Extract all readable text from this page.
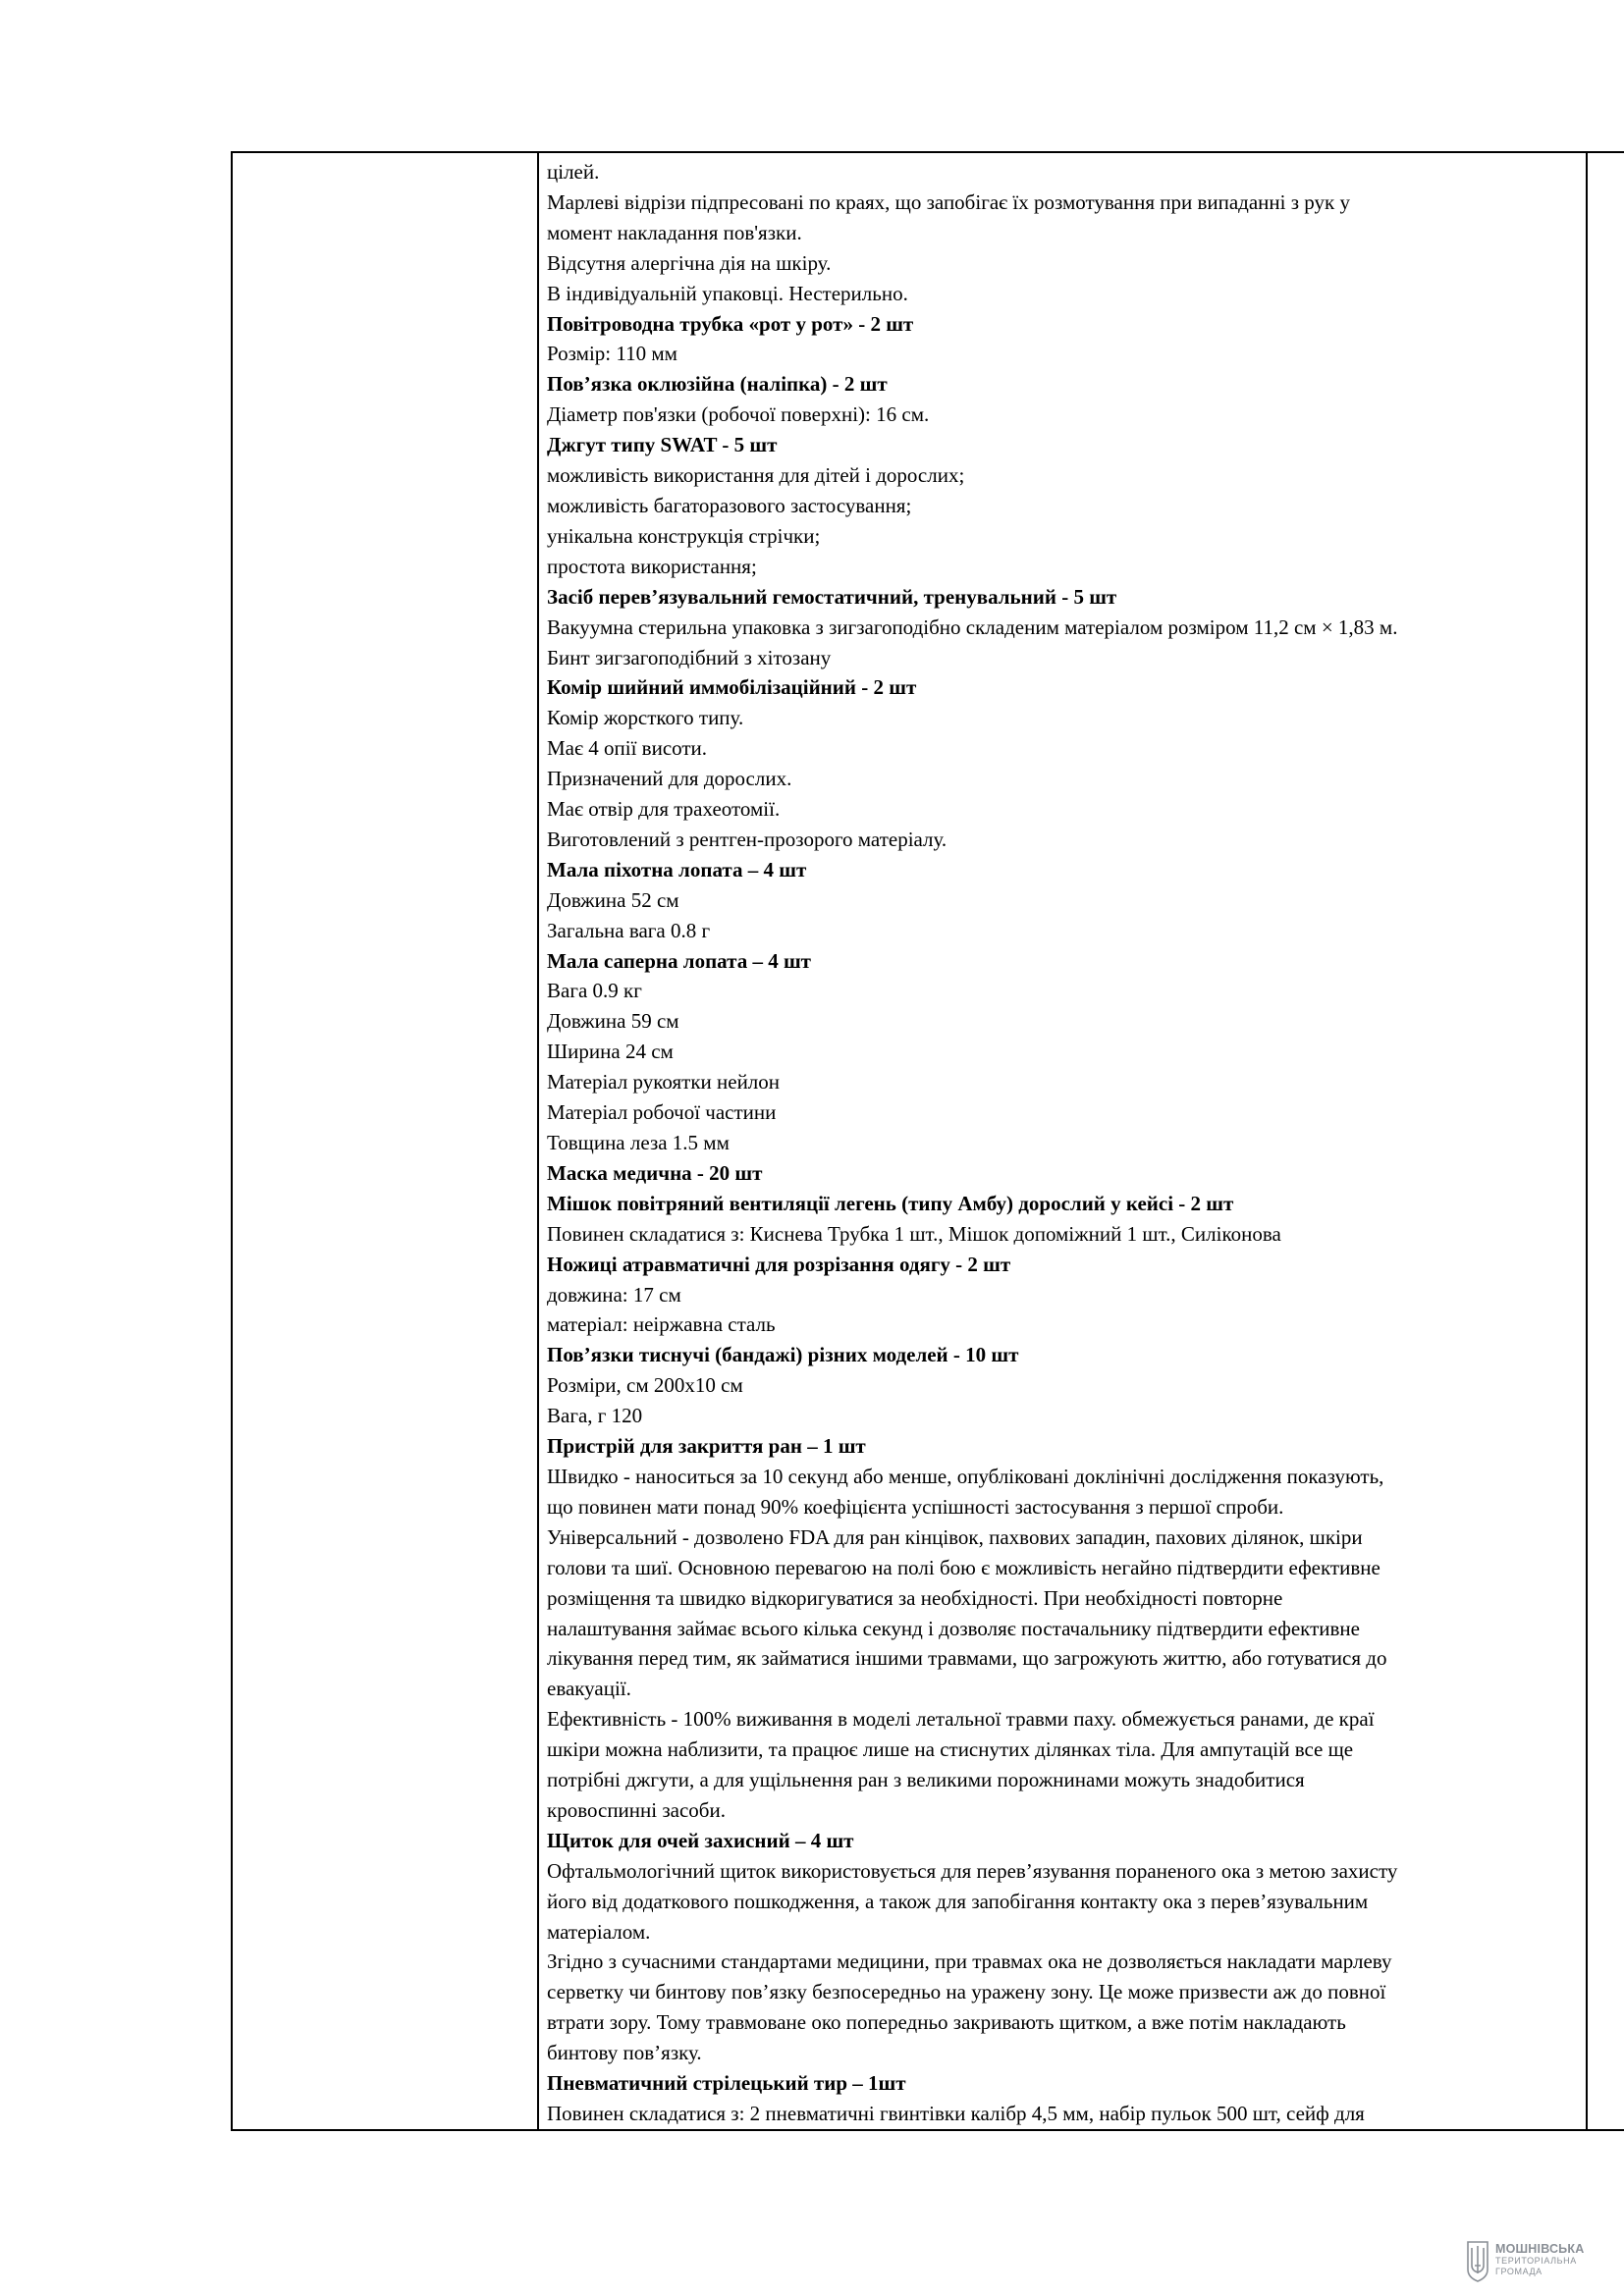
цілей.
Марлеві відрізи підпресовані по краях, що запобігає їх розмотування при випаданні з рук у
момент накладання пов'язки.
Відсутня алергічна дія на шкіру.
В індивідуальній упаковці. Нестерильно.
Повітроводна трубка «рот у рот» - 2 шт
Розмір: 110 мм
Пов’язка оклюзійна (наліпка) - 2 шт
Діаметр пов'язки (робочої поверхні): 16 см.
Джгут типу SWAT - 5 шт
можливість використання для дітей і дорослих;
можливість багаторазового застосування;
унікальна конструкція стрічки;
простота використання;
Засіб перев’язувальний гемостатичний, тренувальний - 5 шт
Вакуумна стерильна упаковка з зигзагоподібно складеним матеріалом розміром 11,2 см × 1,83 м.
Бинт зигзагоподібний з хітозану
Комір шийний иммобілізаційний - 2 шт
Комір жорсткого типу.
Має 4 опії висоти.
Призначений для дорослих.
Має отвір для трахеотомії.
Виготовлений з рентген-прозорого матеріалу.
Мала піхотна лопата – 4 шт
Довжина 52 см
Загальна вага 0.8 г
Мала саперна лопата – 4 шт
Вага 0.9 кг
Довжина 59 см
Ширина 24 см
Матеріал рукоятки нейлон
Матеріал робочої частини
Товщина леза 1.5 мм
Маска медична - 20 шт
Мішок повітряний вентиляції легень (типу Амбу) дорослий у кейсі - 2 шт
Повинен складатися з: Киснева Трубка 1 шт., Мішок допоміжний 1 шт., Силіконова
Ножиці атравматичні для розрізання одягу - 2 шт
довжина: 17 см
матеріал: неіржавна сталь
Пов’язки тиснучі (бандажі) різних моделей - 10 шт
Розміри, см 200х10 см
Вага, г 120
Пристрій для закриття ран – 1 шт
Швидко - наноситься за 10 секунд або менше, опубліковані доклінічні дослідження показують,
що повинен мати понад 90% коефіцієнта успішності застосування з першої спроби.
Універсальний - дозволено FDA для ран кінцівок, пахвових западин, пахових ділянок, шкіри
голови та шиї. Основною перевагою на полі бою є можливість негайно підтвердити ефективне
розміщення та швидко відкоригуватися за необхідності. При необхідності повторне
налаштування займає всього кілька секунд і дозволяє постачальнику підтвердити ефективне
лікування перед тим, як займатися іншими травмами, що загрожують життю, або готуватися до
евакуації.
Ефективність - 100% виживання в моделі летальної травми паху. обмежується ранами, де краї
шкіри можна наблизити, та працює лише на стиснутих ділянках тіла. Для ампутацій все ще
потрібні джгути, а для ущільнення ран з великими порожнинами можуть знадобитися
кровоспинні засоби.
Щиток для очей захисний – 4 шт
Офтальмологічний щиток використовується для перев’язування пораненого ока з метою захисту
його від додаткового пошкодження, а також для запобігання контакту ока з перев’язувальним
матеріалом.
Згідно з сучасними стандартами медицини, при травмах ока не дозволяється накладати марлеву
серветку чи бинтову пов’язку безпосередньо на уражену зону. Це може призвести аж до повної
втрати зору. Тому травмоване око попередньо закривають щитком, а вже потім накладають
бинтову пов’язку.
Пневматичний стрілецький тир – 1шт
Повинен складатися з: 2 пневматичні гвинтівки калібр 4,5 мм, набір пульок 500 шт, сейф для

МОШНІВСЬКА
ТЕРИТОРІАЛЬНА
ГРОМАДА
